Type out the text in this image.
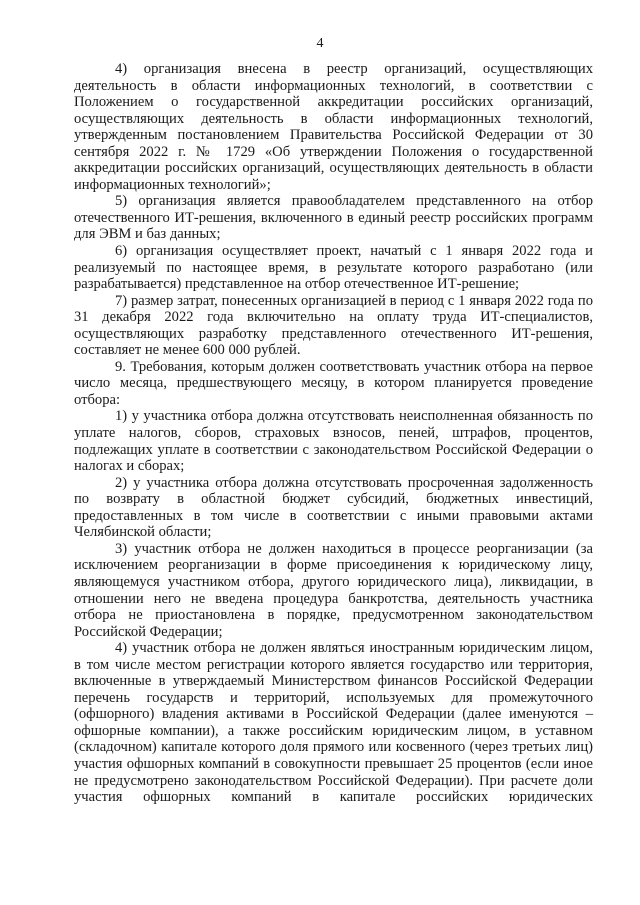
4

4) организация внесена в реестр организаций, осуществляющих деятельность в области информационных технологий, в соответствии с Положением о государственной аккредитации российских организаций, осуществляющих деятельность в области информационных технологий, утвержденным постановлением Правительства Российской Федерации от 30 сентября 2022 г. № 1729 «Об утверждении Положения о государственной аккредитации российских организаций, осуществляющих деятельность в области информационных технологий»;

5) организация является правообладателем представленного на отбор отечественного ИТ-решения, включенного в единый реестр российских программ для ЭВМ и баз данных;

6) организация осуществляет проект, начатый с 1 января 2022 года и реализуемый по настоящее время, в результате которого разработано (или разрабатывается) представленное на отбор отечественное ИТ-решение;

7) размер затрат, понесенных организацией в период с 1 января 2022 года по 31 декабря 2022 года включительно на оплату труда ИТ-специалистов, осуществляющих разработку представленного отечественного ИТ-решения, составляет не менее 600 000 рублей.

9. Требования, которым должен соответствовать участник отбора на первое число месяца, предшествующего месяцу, в котором планируется проведение отбора:

1) у участника отбора должна отсутствовать неисполненная обязанность по уплате налогов, сборов, страховых взносов, пеней, штрафов, процентов, подлежащих уплате в соответствии с законодательством Российской Федерации о налогах и сборах;

2) у участника отбора должна отсутствовать просроченная задолженность по возврату в областной бюджет субсидий, бюджетных инвестиций, предоставленных в том числе в соответствии с иными правовыми актами Челябинской области;

3) участник отбора не должен находиться в процессе реорганизации (за исключением реорганизации в форме присоединения к юридическому лицу, являющемуся участником отбора, другого юридического лица), ликвидации, в отношении него не введена процедура банкротства, деятельность участника отбора не приостановлена в порядке, предусмотренном законодательством Российской Федерации;

4) участник отбора не должен являться иностранным юридическим лицом, в том числе местом регистрации которого является государство или территория, включенные в утверждаемый Министерством финансов Российской Федерации перечень государств и территорий, используемых для промежуточного (офшорного) владения активами в Российской Федерации (далее именуются – офшорные компании), а также российским юридическим лицом, в уставном (складочном) капитале которого доля прямого или косвенного (через третьих лиц) участия офшорных компаний в совокупности превышает 25 процентов (если иное не предусмотрено законодательством Российской Федерации). При расчете доли участия офшорных компаний в капитале российских юридических
